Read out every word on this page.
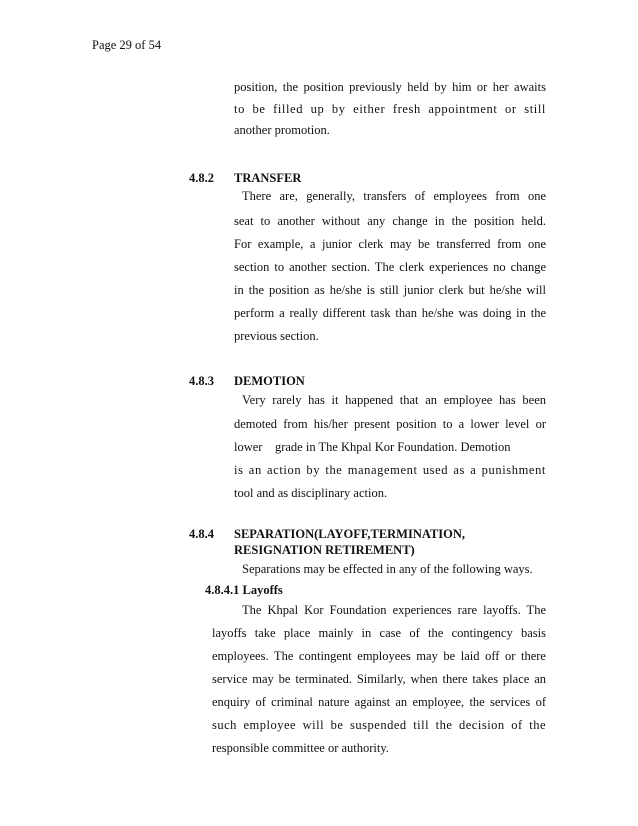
Page 29 of 54
position, the position previously held by him or her awaits
to be filled up by either fresh appointment or still
another promotion.
4.8.2 TRANSFER
There are, generally, transfers of employees from one
seat to another without any change in the position held.
For example, a junior clerk may be transferred from one
section to another section. The clerk experiences no change
in the position as he/she is still junior clerk but he/she will
perform a really different task than he/she was doing in the
previous section.
4.8.3 DEMOTION
Very rarely has it happened that an employee has been
demoted from his/her present position to a lower level or
lower    grade in The Khpal Kor Foundation. Demotion
is an action by the management used as a punishment
tool and as disciplinary action.
4.8.4 SEPARATION(LAYOFF,TERMINATION,
RESIGNATION RETIREMENT)
Separations may be effected in any of the following ways.
4.8.4.1 Layoffs
The Khpal Kor Foundation experiences rare layoffs. The
layoffs take place mainly in case of the contingency basis
employees. The contingent employees may be laid off or there
service may be terminated. Similarly, when there takes place an
enquiry of criminal nature against an employee, the services of
such employee will be suspended till the decision of the
responsible committee or authority.
